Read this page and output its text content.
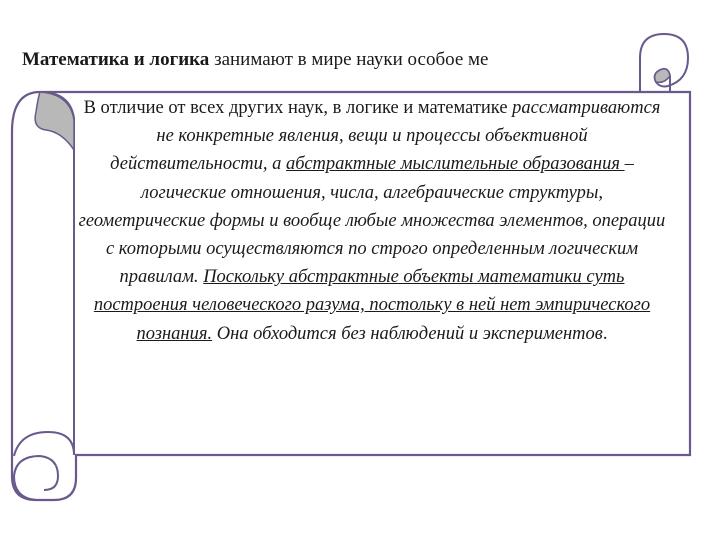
Математика и логика занимают в мире науки особое ме
В отличие от всех других наук, в логике и математике рассматриваются не конкретные явления, вещи и процессы объективной действительности, а абстрактные мыслительные образования – логические отношения, числа, алгебраические структуры, геометрические формы и вообще любые множества элементов, операции с которыми осуществляются по строго определенным логическим правилам. Поскольку абстрактные объекты математики суть построения человеческого разума, постольку в ней нет эмпирического познания. Она обходится без наблюдений и экспериментов.
